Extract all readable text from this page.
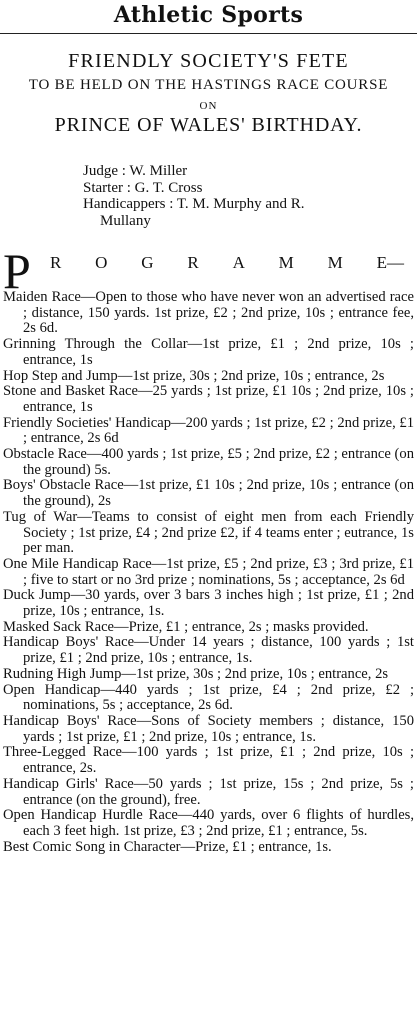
Athletic Sports
FRIENDLY SOCIETY'S FETE
TO BE HELD ON THE HASTINGS RACE COURSE
ON
PRINCE OF WALES' BIRTHDAY.
Judge : W. Miller
Starter : G. T. Cross
Handicappers : T. M. Murphy and R.
Mullany
P R O G R A M M E—

Maiden Race—Open to those who have never won an advertised race ; distance, 150 yards. 1st prize, £2 ; 2nd prize, 10s ; entrance fee, 2s 6d.

Grinning Through the Collar—1st prize, £1 ; 2nd prize, 10s ; entrance, 1s

Hop Step and Jump—1st prize, 30s ; 2nd prize, 10s ; entrance, 2s

Stone and Basket Race—25 yards ; 1st prize, £1 10s ; 2nd prize, 10s ; entrance, 1s

Friendly Societies' Handicap—200 yards ; 1st prize, £2 ; 2nd prize, £1 ; entrance, 2s 6d

Obstacle Race—400 yards ; 1st prize, £5 ; 2nd prize, £2 ; entrance (on the ground) 5s.

Boys' Obstacle Race—1st prize, £1 10s ; 2nd prize, 10s ; entrance (on the ground), 2s

Tug of War—Teams to consist of eight men from each Friendly Society ; 1st prize, £4 ; 2nd prize £2, if 4 teams enter ; eutrance, 1s per man.

One Mile Handicap Race—1st prize, £5 ; 2nd prize, £3 ; 3rd prize, £1 ; five to start or no 3rd prize ; nominations, 5s ; acceptance, 2s 6d

Duck Jump—30 yards, over 3 bars 3 inches high ; 1st prize, £1 ; 2nd prize, 10s ; entrance, 1s.

Masked Sack Race—Prize, £1 ; entrance, 2s ; masks provided.

Handicap Boys' Race—Under 14 years ; distance, 100 yards ; 1st prize, £1 ; 2nd prize, 10s ; entrance, 1s.

Rudning High Jump—1st prize, 30s ; 2nd prize, 10s ; entrance, 2s

Open Handicap—440 yards ; 1st prize, £4 ; 2nd prize, £2 ; nominations, 5s ; acceptance, 2s 6d.

Handicap Boys' Race—Sons of Society members ; distance, 150 yards ; 1st prize, £1 ; 2nd prize, 10s ; entrance, 1s.

Three-Legged Race—100 yards ; 1st prize, £1 ; 2nd prize, 10s ; entrance, 2s.

Handicap Girls' Race—50 yards ; 1st prize, 15s ; 2nd prize, 5s ; entrance (on the ground), free.

Open Handicap Hurdle Race—440 yards, over 6 flights of hurdles, each 3 feet high. 1st prize, £3 ; 2nd prize, £1 ; entrance, 5s.

Best Comic Song in Character—Prize, £1 ; entrance, 1s.
